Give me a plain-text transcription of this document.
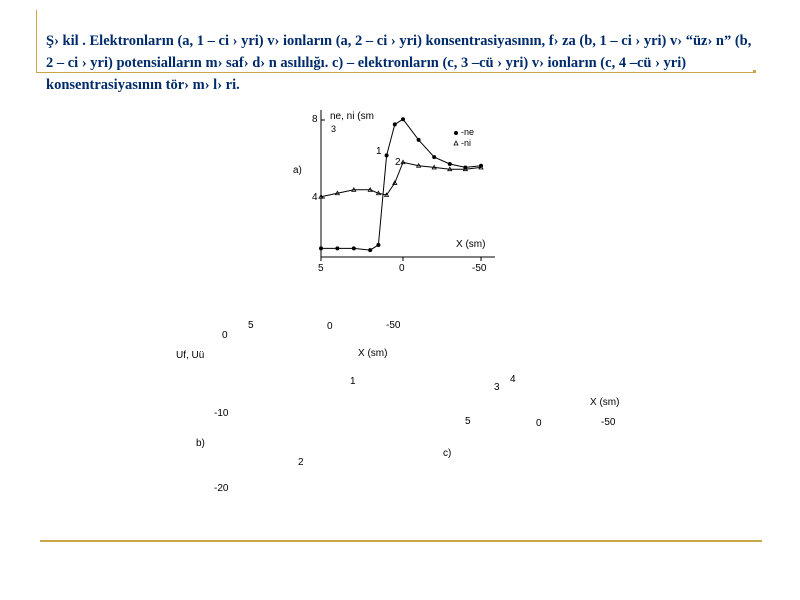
Ş› kil . Elektronların (a, 1 – ci › yri) v› ionların (a, 2 – ci › yri) konsentrasiyasının, f› za (b, 1 – ci › yri) v› “üz› n” (b, 2 – ci › yri) potensialların m› saf› d› n asılılığı. c) – elektronların (c, 3 –cü › yri) v› ionların (c, 4 –cü › yri) konsentrasiyasının tör› m› l› ri.
8
4
ne, ni (sm
3
a)
1
2
-ne
-ni
X (sm)
5	0	-50
0
5	0	-50
Uf, Uü	X (sm)
1
-10
b)
2
-20
3
4
X (sm)
5	0	-50
c)
